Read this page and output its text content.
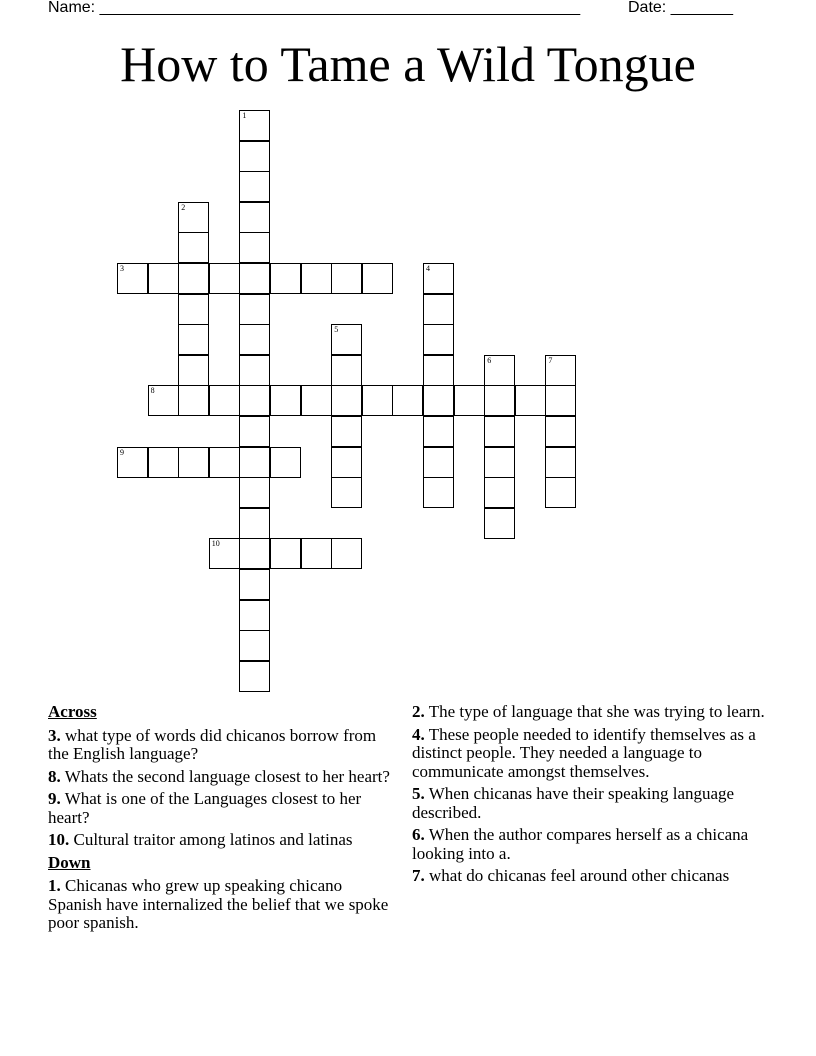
Name: ______________________________________________________	Date: _______
How to Tame a Wild Tongue
1
2
3	4
5
6	7
8
9
10
Across
3. what type of words did chicanos borrow from the English language?
8. Whats the second language closest to her heart?
9. What is one of the Languages closest to her heart?
10. Cultural traitor among latinos and latinas
Down
1. Chicanas who grew up speaking chicano Spanish have internalized the belief that we spoke poor spanish.
2. The type of language that she was trying to learn.
4. These people needed to identify themselves as a distinct people. They needed a language to communicate amongst themselves.
5. When chicanas have their speaking language described.
6. When the author compares herself as a chicana looking into a.
7. what do chicanas feel around other chicanas
